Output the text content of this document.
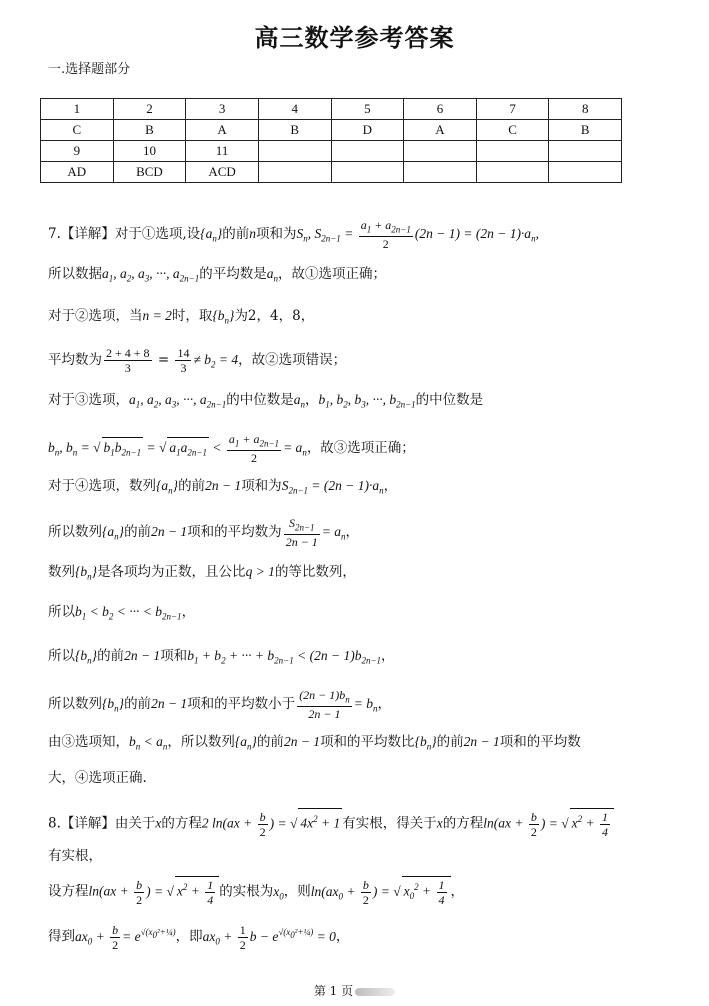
高三数学参考答案
一.选择题部分
1	2	3	4	5	6	7	8
C	B	A	B	D	A	C	B
9	10	11					
AD	BCD	ACD					
7.【详解】对于①选项,设$\{a_n\}$的前n项和为$S_n$, $S_{2n-1} = \frac{a_1 + a_{2n-1}}{2} (2n - 1) = (2n - 1)\cdot a_n$,
所以数据$a_1$, $a_2$, $a_3$, ···, $a_{2n-1}$的平均数是$a_n$，故①选项正确；
对于②选项，当n = 2时，取$\{b_n\}$为2，4，8，
平均数为 $\frac{2 + 4 + 8}{3} = \frac{14}{3} \ne b_2 = 4$，故②选项错误；
对于③选项，$a_1$, $a_2$, $a_3$, ···, $a_{2n-1}$的中位数是$a_n$，$b_1$, $b_2$, $b_3$, ···, $b_{2n-1}$的中位数是
$b_n$, $b_n$ = √ $b_1b_{2n-1}$ = √ $a_1a_{2n-1} < \frac{a_1 + a_{2n-1}}{2} = a_n$，故③选项正确；
对于④选项，数列$\{a_n\}$的前2n − 1项和为$S_{2n-1} = (2n - 1)\cdot a_n$，
所以数列$\{a_n\}$的前2n − 1项和的平均数为 $\frac{S_{2n-1}}{2n - 1} = a_n$，
数列$\{b_n\}$是各项均为正数，且公比q > 1的等比数列，
所以$b_1 < b_2$ < ··· < $b_{2n-1}$，
所以$\{b_n\}$的前2n − 1项和$b_1 + b_2$ + ··· + $b_{2n-1} < (2n - 1)b_{2n-1}$，
所以数列$\{b_n\}$的前2n − 1项和的平均数小于 $\frac{(2n - 1)b_n}{2n - 1} = b_n$，
由③选项知，$b_n < a_n$，所以数列$\{a_n\}$的前2n − 1项和的平均数比$\{b_n\}$的前2n − 1项和的平均数
大，④选项正确.
8.【详解】由关于x的方程2 $\ln(ax + \frac{b}{2}$ ) = √ $4x^2 + 1$ 有实根，得关于x的方程$\ln(ax + \frac{b}{2}$ ) = √ $x^2 + \frac{1}{4}$
有实根，
设方程$\ln(ax + \frac{b}{2}$ ) = √ $x^2 + \frac{1}{4}$ 的实根为$x_0$，则$\ln(ax_0 + \frac{b}{2}$ ) = √ $x_0^2 + \frac{1}{4}$ ，
得到$ax_0 + \frac{b}{2} = e^{√(x_0^2+\frac{1}{4})}$，即$ax_0 + \frac{1}{2}$ $b - e^{√(x_0^2+\frac{1}{4})} = 0$，
第 1 页
